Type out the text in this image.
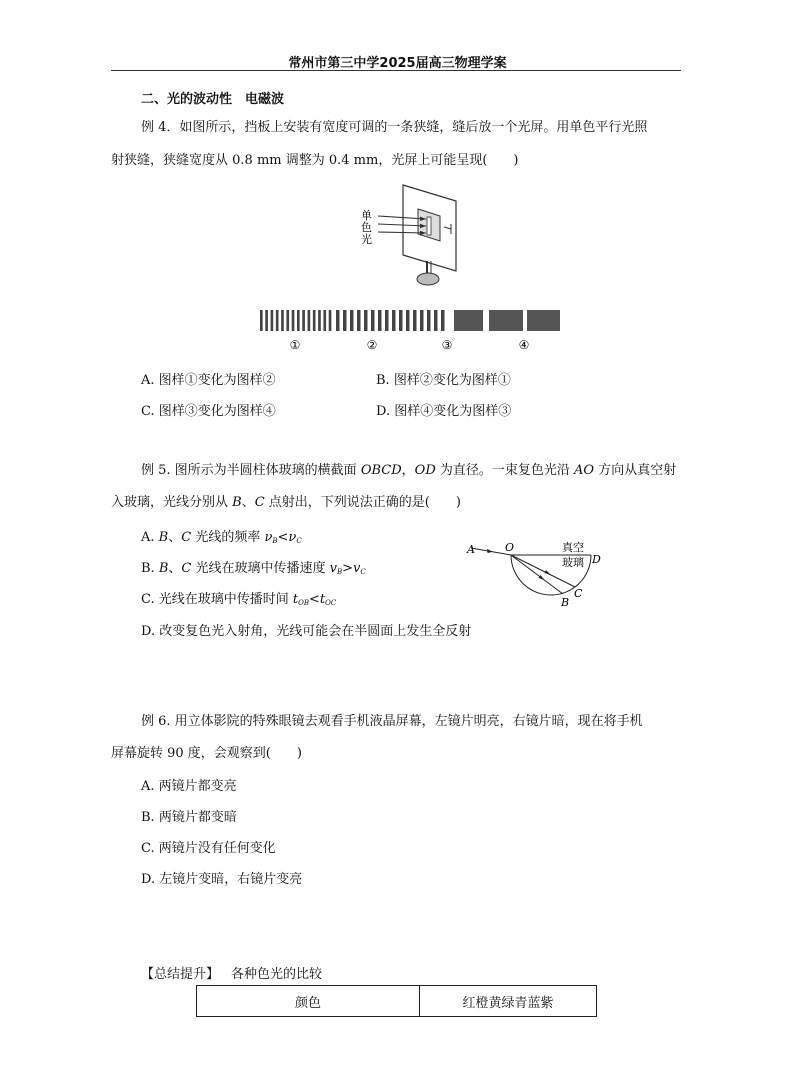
常州市第三中学2025届高三物理学案
二、光的波动性　电磁波
例 4．如图所示，挡板上安装有宽度可调的一条狭缝，缝后放一个光屏。用单色平行光照
射狭缝，狭缝宽度从 0.8 mm 调整为 0.4 mm，光屏上可能呈现(　　)
单
色
光
①	②	③	④
A. 图样①变化为图样②	B. 图样②变化为图样①
C. 图样③变化为图样④	D. 图样④变化为图样③
例 5. 图所示为半圆柱体玻璃的横截面 OBCD，OD 为直径。一束复色光沿 AO 方向从真空射
入玻璃，光线分别从 B、C 点射出，下列说法正确的是(　　)
A. B、C 光线的频率 $\nu_B<\nu_C$
B. B、C 光线在玻璃中传播速度 $v_B>v_C$
C. 光线在玻璃中传播时间 $t_{OB}<t_{OC}$
D. 改变复色光入射角，光线可能会在半圆面上发生全反射
A	O	真空
玻璃 D
C
B
例 6. 用立体影院的特殊眼镜去观看手机液晶屏幕，左镜片明亮，右镜片暗，现在将手机
屏幕旋转 90 度，会观察到(　　)
A. 两镜片都变亮
B. 两镜片都变暗
C. 两镜片没有任何变化
D. 左镜片变暗，右镜片变亮
【总结提升】 各种色光的比较
颜色	红橙黄绿青蓝紫
